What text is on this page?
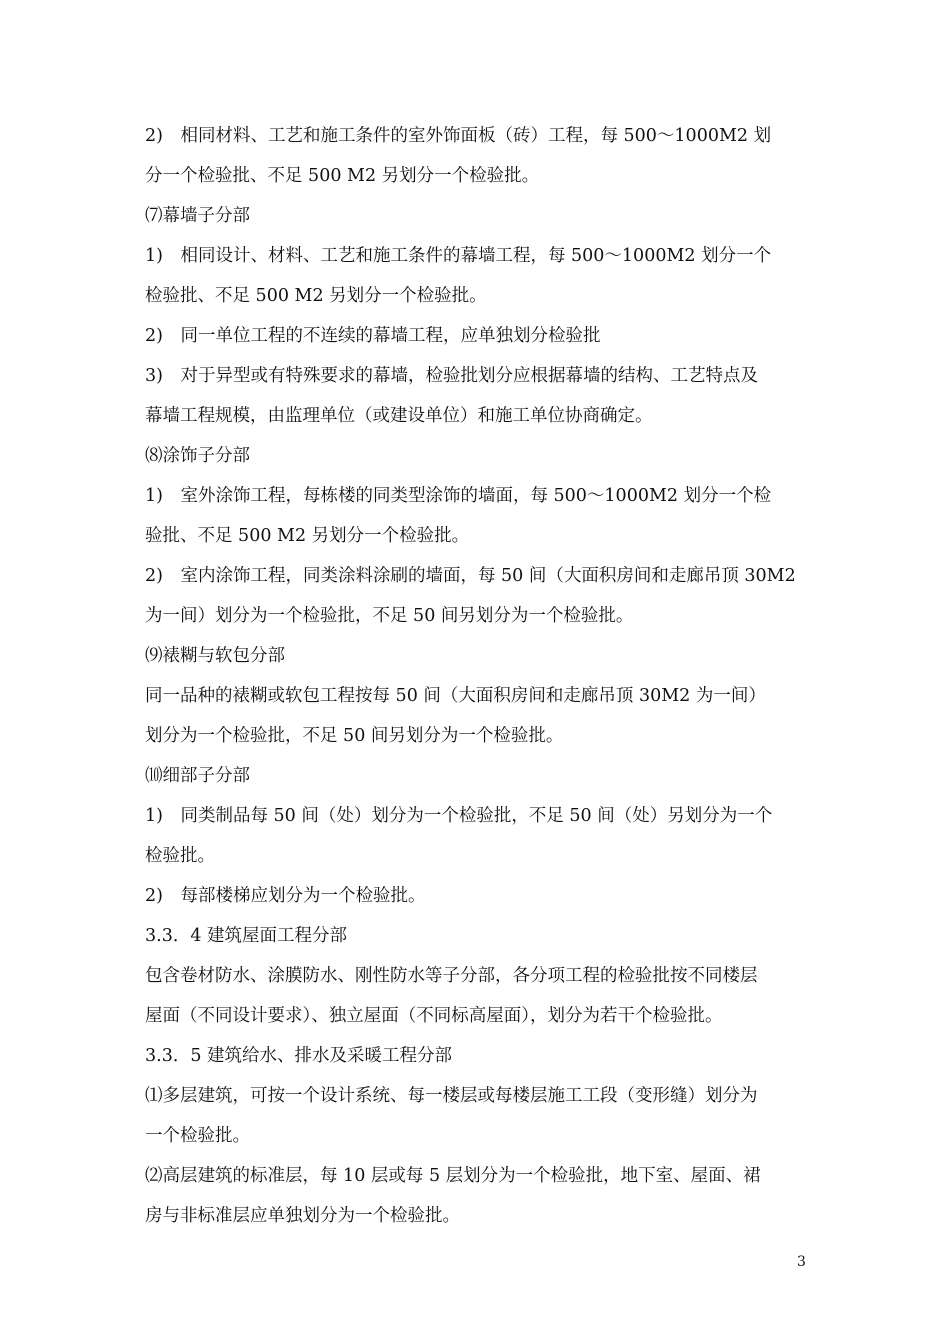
2)　相同材料、工艺和施工条件的室外饰面板（砖）工程，每 500～1000M2 划
分一个检验批、不足 500 M2 另划分一个检验批。
⑺幕墙子分部
1)　相同设计、材料、工艺和施工条件的幕墙工程，每 500～1000M2 划分一个
检验批、不足 500 M2 另划分一个检验批。
2)　同一单位工程的不连续的幕墙工程，应单独划分检验批
3)　对于异型或有特殊要求的幕墙，检验批划分应根据幕墙的结构、工艺特点及
幕墙工程规模，由监理单位（或建设单位）和施工单位协商确定。
⑻涂饰子分部
1)　室外涂饰工程，每栋楼的同类型涂饰的墙面，每 500～1000M2 划分一个检
验批、不足 500 M2 另划分一个检验批。
2)　室内涂饰工程，同类涂料涂刷的墙面，每 50 间（大面积房间和走廊吊顶 30M2
为一间）划分为一个检验批，不足 50 间另划分为一个检验批。
⑼裱糊与软包分部
同一品种的裱糊或软包工程按每 50 间（大面积房间和走廊吊顶 30M2 为一间）
划分为一个检验批，不足 50 间另划分为一个检验批。
⑽细部子分部
1)　同类制品每 50 间（处）划分为一个检验批，不足 50 间（处）另划分为一个
检验批。
2)　每部楼梯应划分为一个检验批。
3.3．4 建筑屋面工程分部
包含卷材防水、涂膜防水、刚性防水等子分部，各分项工程的检验批按不同楼层
屋面（不同设计要求）、独立屋面（不同标高屋面），划分为若干个检验批。
3.3．5 建筑给水、排水及采暖工程分部
⑴多层建筑，可按一个设计系统、每一楼层或每楼层施工工段（变形缝）划分为
一个检验批。
⑵高层建筑的标准层，每 10 层或每 5 层划分为一个检验批，地下室、屋面、裙
房与非标准层应单独划分为一个检验批。
3
